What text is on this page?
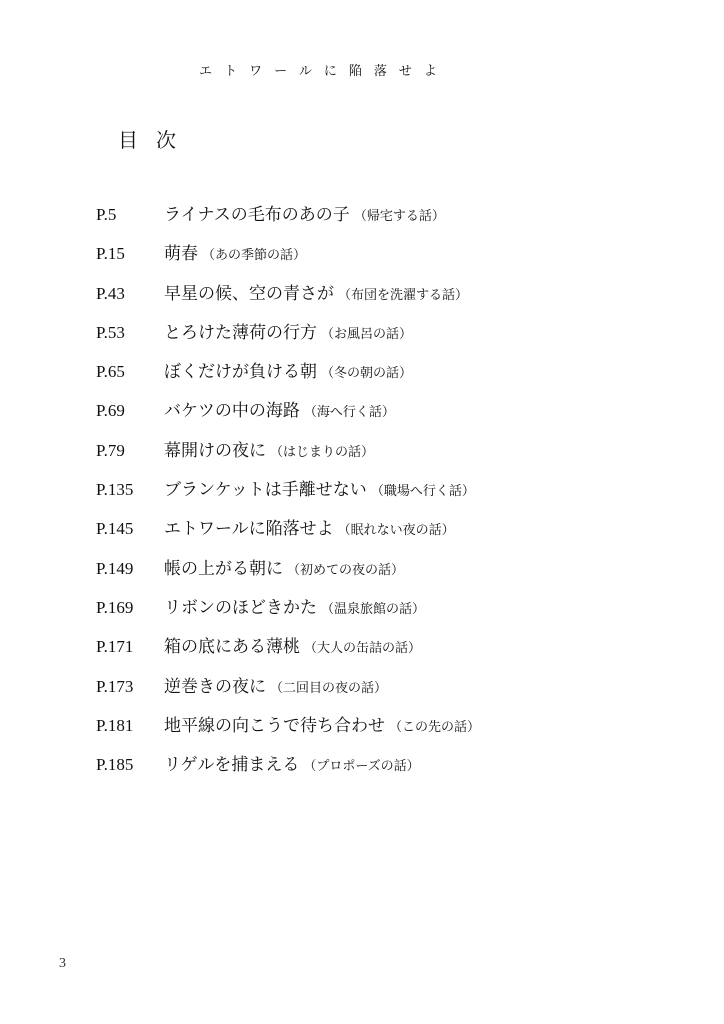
エトワールに陥落せよ
目次
P.5	ライナスの毛布のあの子 （帰宅する話）
P.15	萌春 （あの季節の話）
P.43	早星の候、空の青さが （布団を洗濯する話）
P.53	とろけた薄荷の行方 （お風呂の話）
P.65	ぼくだけが負ける朝 （冬の朝の話）
P.69	バケツの中の海路 （海へ行く話）
P.79	幕開けの夜に （はじまりの話）
P.135	ブランケットは手離せない （職場へ行く話）
P.145	エトワールに陥落せよ （眠れない夜の話）
P.149	帳の上がる朝に （初めての夜の話）
P.169	リボンのほどきかた （温泉旅館の話）
P.171	箱の底にある薄桃 （大人の缶詰の話）
P.173	逆巻きの夜に （二回目の夜の話）
P.181	地平線の向こうで待ち合わせ （この先の話）
P.185	リゲルを捕まえる （プロポーズの話）
3
